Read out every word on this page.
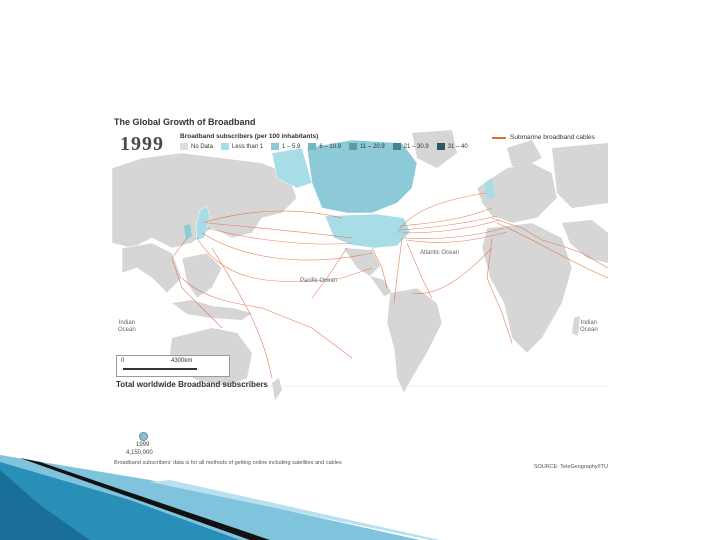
The Global Growth of Broadband
1999 Broadband subscribers (per 100 inhabitants)
No Data	Less than 1	1 – 5.9	6 – 10.9	11 – 20.9	21 – 30.9	31 – 40
Submarine broadband cables
Pacific Ocean
Atlantic Ocean
Indian
Ocean
Indian
Ocean
0	4300km
Total worldwide Broadband subscribers
1999
4,150,000
Broadband subscribers' data is for all methods of getting online including satellites and cables
SOURCE: TeleGeography/ITU
